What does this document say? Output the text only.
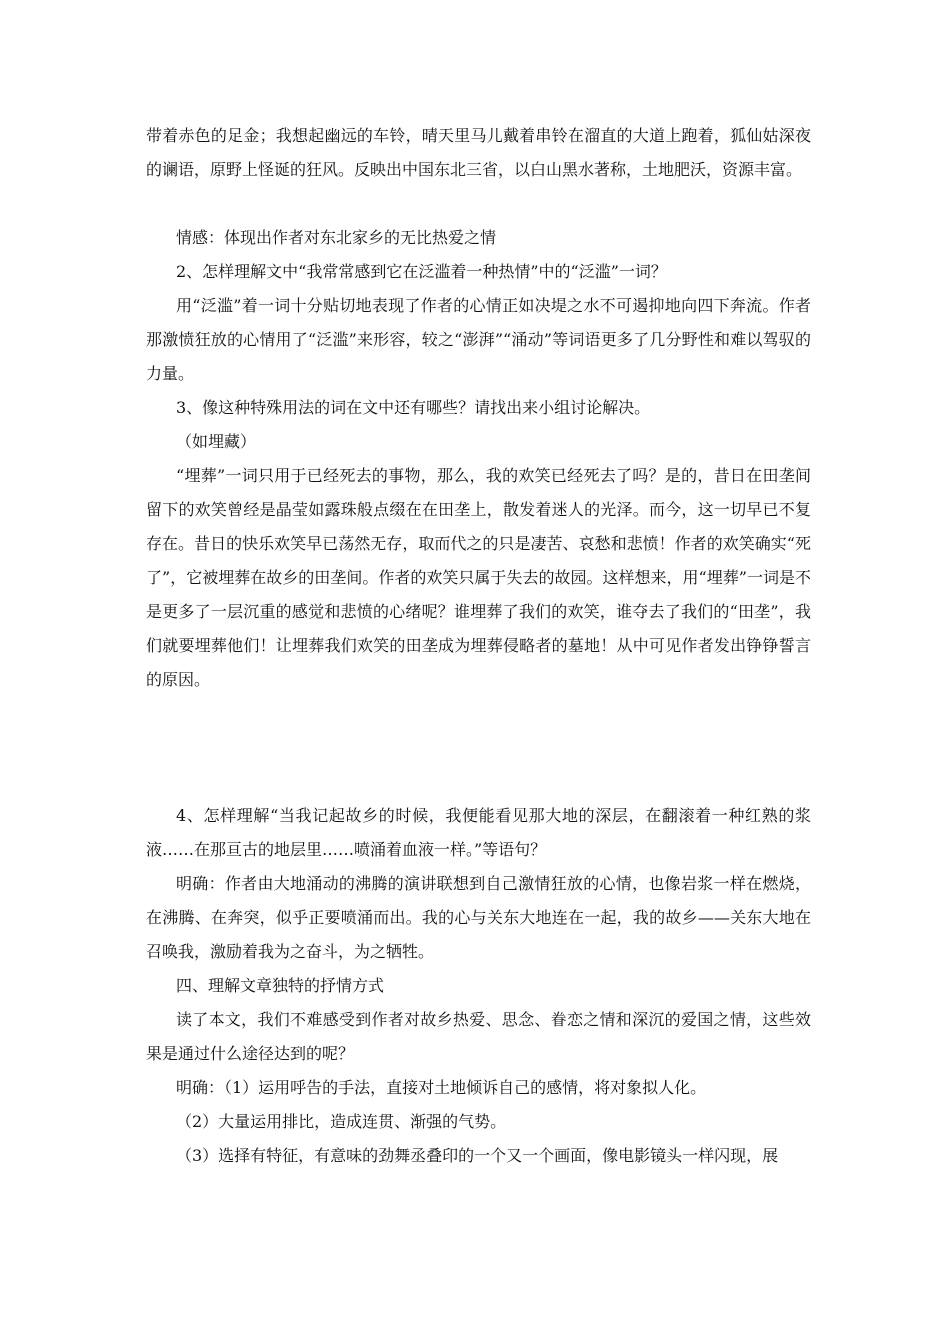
带着赤色的足金；我想起幽远的车铃，晴天里马儿戴着串铃在溜直的大道上跑着，狐仙姑深夜的谰语，原野上怪诞的狂风。反映出中国东北三省，以白山黑水著称，土地肥沃，资源丰富。

情感：体现出作者对东北家乡的无比热爱之情

2、怎样理解文中“我常常感到它在泛滥着一种热情”中的“泛滥”一词？

用“泛滥”着一词十分贴切地表现了作者的心情正如决堤之水不可遏抑地向四下奔流。作者那激愤狂放的心情用了“泛滥”来形容，较之“澎湃”“涌动”等词语更多了几分野性和难以驾驭的力量。

3、像这种特殊用法的词在文中还有哪些？请找出来小组讨论解决。

（如埋藏）

“埋葬”一词只用于已经死去的事物，那么，我的欢笑已经死去了吗？是的，昔日在田垄间留下的欢笑曾经是晶莹如露珠般点缀在在田垄上，散发着迷人的光泽。而今，这一切早已不复存在。昔日的快乐欢笑早已荡然无存，取而代之的只是凄苦、哀愁和悲愤！作者的欢笑确实“死了”，它被埋葬在故乡的田垄间。作者的欢笑只属于失去的故园。这样想来，用“埋葬”一词是不是更多了一层沉重的感觉和悲愤的心绪呢？谁埋葬了我们的欢笑，谁夺去了我们的“田垄”，我们就要埋葬他们！让埋葬我们欢笑的田垄成为埋葬侵略者的墓地！从中可见作者发出铮铮誓言的原因。

4、怎样理解“当我记起故乡的时候，我便能看见那大地的深层，在翻滚着一种红熟的浆液……在那亘古的地层里……喷涌着血液一样。”等语句？

明确：作者由大地涌动的沸腾的演讲联想到自己激情狂放的心情，也像岩浆一样在燃烧，在沸腾、在奔突，似乎正要喷涌而出。我的心与关东大地连在一起，我的故乡——关东大地在召唤我，激励着我为之奋斗，为之牺牲。

四、理解文章独特的抒情方式

读了本文，我们不难感受到作者对故乡热爱、思念、眷恋之情和深沉的爱国之情，这些效果是通过什么途径达到的呢？

明确：（1）运用呼告的手法，直接对土地倾诉自己的感情，将对象拟人化。

（2）大量运用排比，造成连贯、渐强的气势。

（3）选择有特征，有意味的劲舞丞叠印的一个又一个画面，像电影镜头一样闪现，展
